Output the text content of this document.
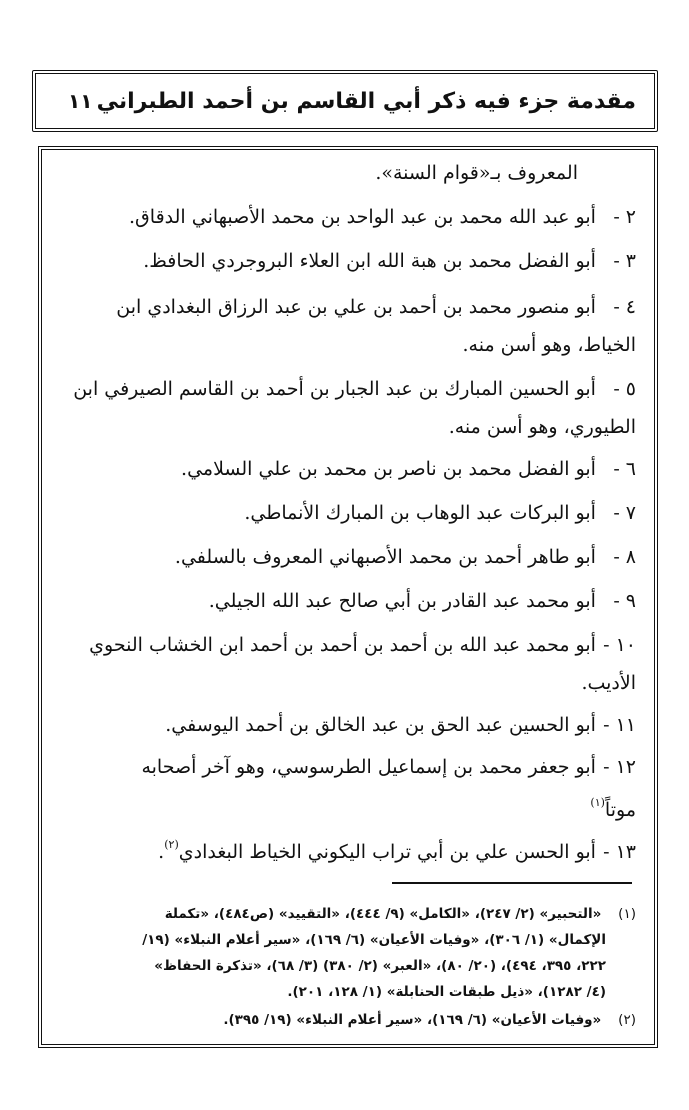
مقدمة جزء فيه ذكر أبي القاسم بن أحمد الطبراني
١١
المعروف بـ«قوام السنة».
٢ - أبو عبد الله محمد بن عبد الواحد بن محمد الأصبهاني الدقاق.
٣ - أبو الفضل محمد بن هبة الله ابن العلاء البروجردي الحافظ.
٤ - أبو منصور محمد بن أحمد بن علي بن عبد الرزاق البغدادي ابن
الخياط، وهو أسن منه.
٥ - أبو الحسين المبارك بن عبد الجبار بن أحمد بن القاسم الصيرفي ابن
الطيوري، وهو أسن منه.
٦ - أبو الفضل محمد بن ناصر بن محمد بن علي السلامي.
٧ - أبو البركات عبد الوهاب بن المبارك الأنماطي.
٨ - أبو طاهر أحمد بن محمد الأصبهاني المعروف بالسلفي.
٩ - أبو محمد عبد القادر بن أبي صالح عبد الله الجيلي.
١٠ - أبو محمد عبد الله بن أحمد بن أحمد بن أحمد ابن الخشاب النحوي
الأديب.
١١ - أبو الحسين عبد الحق بن عبد الخالق بن أحمد اليوسفي.
١٢ - أبو جعفر محمد بن إسماعيل الطرسوسي، وهو آخر أصحابه
موتاً$^{(١)}$
١٣ - أبو الحسن علي بن أبي تراب اليكوني الخياط البغدادي$^{(٢)}$.
(١) «التحبير» (٢/ ٢٤٧)، «الكامل» (٩/ ٤٤٤)، «التقييد» (ص٤٨٤)، «تكملة
الإكمال» (١/ ٣٠٦)، «وفيات الأعيان» (٦/ ١٦٩)، «سير أعلام النبلاء» (١٩/
٢٢٢، ٣٩٥، ٤٩٤)، (٢٠/ ٨٠)، «العبر» (٢/ ٣٨٠) (٣/ ٦٨)، «تذكرة الحفاظ»
(٤/ ١٢٨٢)، «ذيل طبقات الحنابلة» (١/ ١٢٨، ٢٠١).
(٢) «وفيات الأعيان» (٦/ ١٦٩)، «سير أعلام النبلاء» (١٩/ ٣٩٥).
